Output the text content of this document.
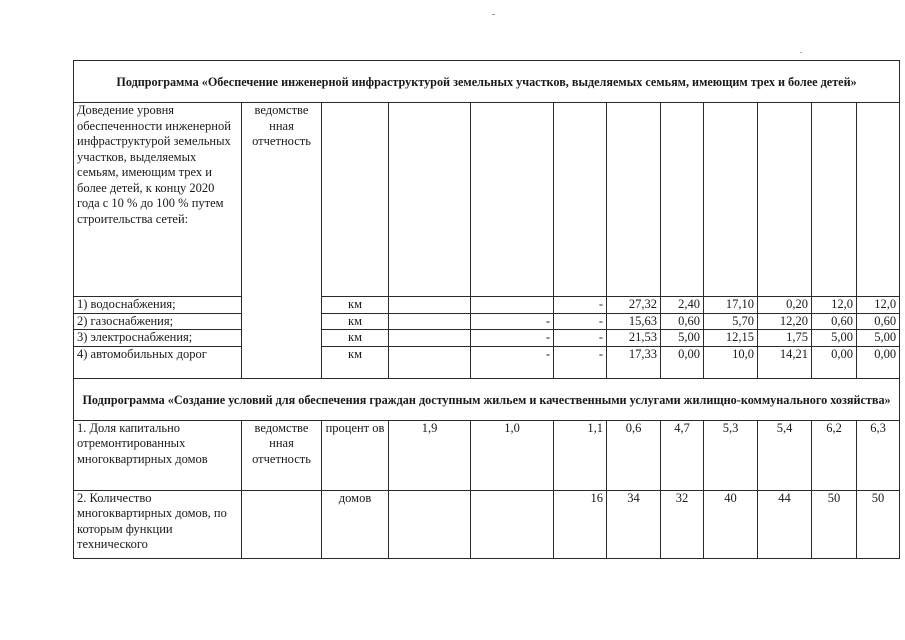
Подпрограмма «Обеспечение инженерной инфраструктурой земельных участков, выделяемых семьям, имеющим трех и более детей»											
Доведение уровня обеспеченности инженерной инфраструктурой земельных участков, выделяемых семьям, имеющим трех и более детей, к концу 2020 года с 10 % до 100 % путем строительства сетей:	ведомстве нная отчетность										
1) водоснабжения;		км			-	27,32	2,40	17,10	0,20	12,0	12,0
2) газоснабжения;		км		-	-	15,63	0,60	5,70	12,20	0,60	0,60
3) электроснабжения;		км		-	-	21,53	5,00	12,15	1,75	5,00	5,00
4) автомобильных дорог		км		-	-	17,33	0,00	10,0	14,21	0,00	0,00
Подпрограмма «Создание условий для обеспечения граждан доступным жильем и качественными услугами жилищно-коммунального хозяйства»											
1. Доля капитально отремонтированных многоквартирных домов	ведомстве нная отчетность	процент ов	1,9	1,0	1,1	0,6	4,7	5,3	5,4	6,2	6,3
2. Количество многоквартирных домов, по которым функции технического		домов			16	34	32	40	44	50	50
